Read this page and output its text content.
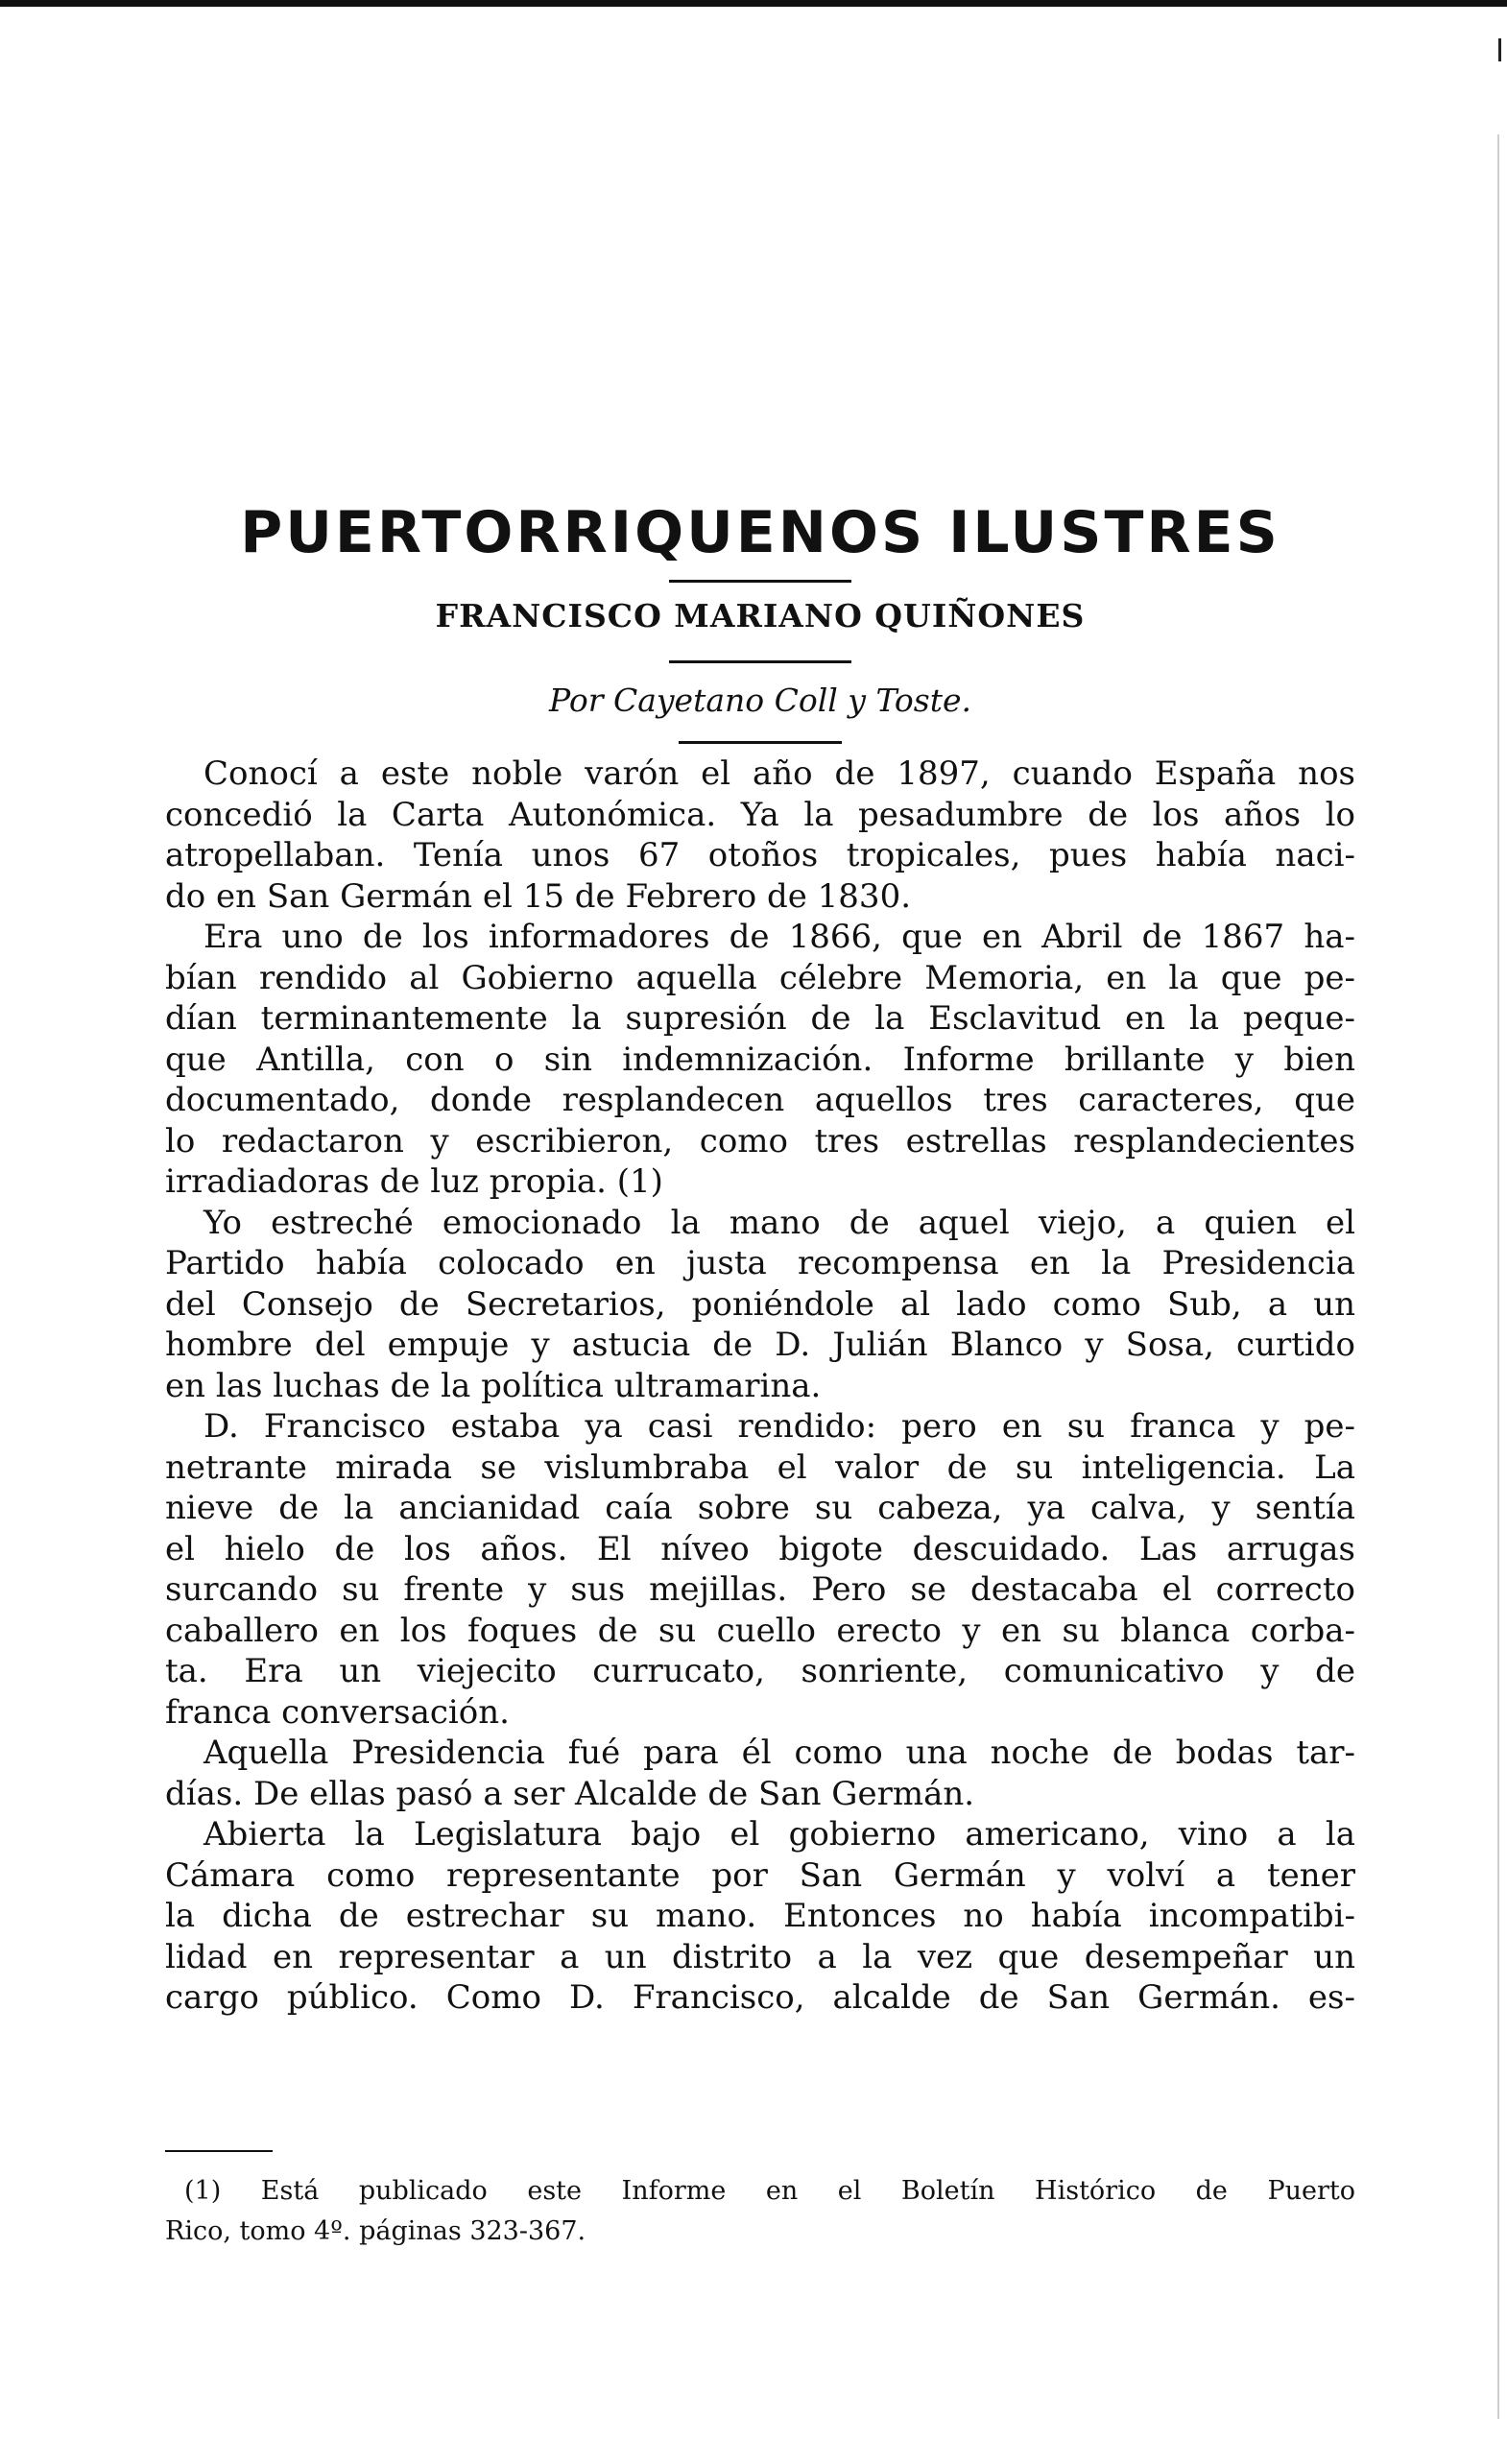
PUERTORRIQUENOS ILUSTRES
FRANCISCO MARIANO QUIÑONES

Por Cayetano Coll y Toste.

Conocí a este noble varón el año de 1897, cuando España nos
concedió la Carta Autonómica. Ya la pesadumbre de los años lo
atropellaban. Tenía unos 67 otoños tropicales, pues había naci-
do en San Germán el 15 de Febrero de 1830.
Era uno de los informadores de 1866, que en Abril de 1867 ha-
bían rendido al Gobierno aquella célebre Memoria, en la que pe-
dían terminantemente la supresión de la Esclavitud en la peque-
que Antilla, con o sin indemnización. Informe brillante y bien
documentado, donde resplandecen aquellos tres caracteres, que
lo redactaron y escribieron, como tres estrellas resplandecientes
irradiadoras de luz propia. (1)
Yo estreché emocionado la mano de aquel viejo, a quien el
Partido había colocado en justa recompensa en la Presidencia
del Consejo de Secretarios, poniéndole al lado como Sub, a un
hombre del empuje y astucia de D. Julián Blanco y Sosa, curtido
en las luchas de la política ultramarina.
D. Francisco estaba ya casi rendido: pero en su franca y pe-
netrante mirada se vislumbraba el valor de su inteligencia. La
nieve de la ancianidad caía sobre su cabeza, ya calva, y sentía
el hielo de los años. El níveo bigote descuidado. Las arrugas
surcando su frente y sus mejillas. Pero se destacaba el correcto
caballero en los foques de su cuello erecto y en su blanca corba-
ta. Era un viejecito currucato, sonriente, comunicativo y de
franca conversación.
Aquella Presidencia fué para él como una noche de bodas tar-
días. De ellas pasó a ser Alcalde de San Germán.
Abierta la Legislatura bajo el gobierno americano, vino a la
Cámara como representante por San Germán y volví a tener
la dicha de estrechar su mano. Entonces no había incompatibi-
lidad en representar a un distrito a la vez que desempeñar un
cargo público. Como D. Francisco, alcalde de San Germán. es-
(1) Está publicado este Informe en el Boletín Histórico de Puerto
Rico, tomo 4º. páginas 323-367.
